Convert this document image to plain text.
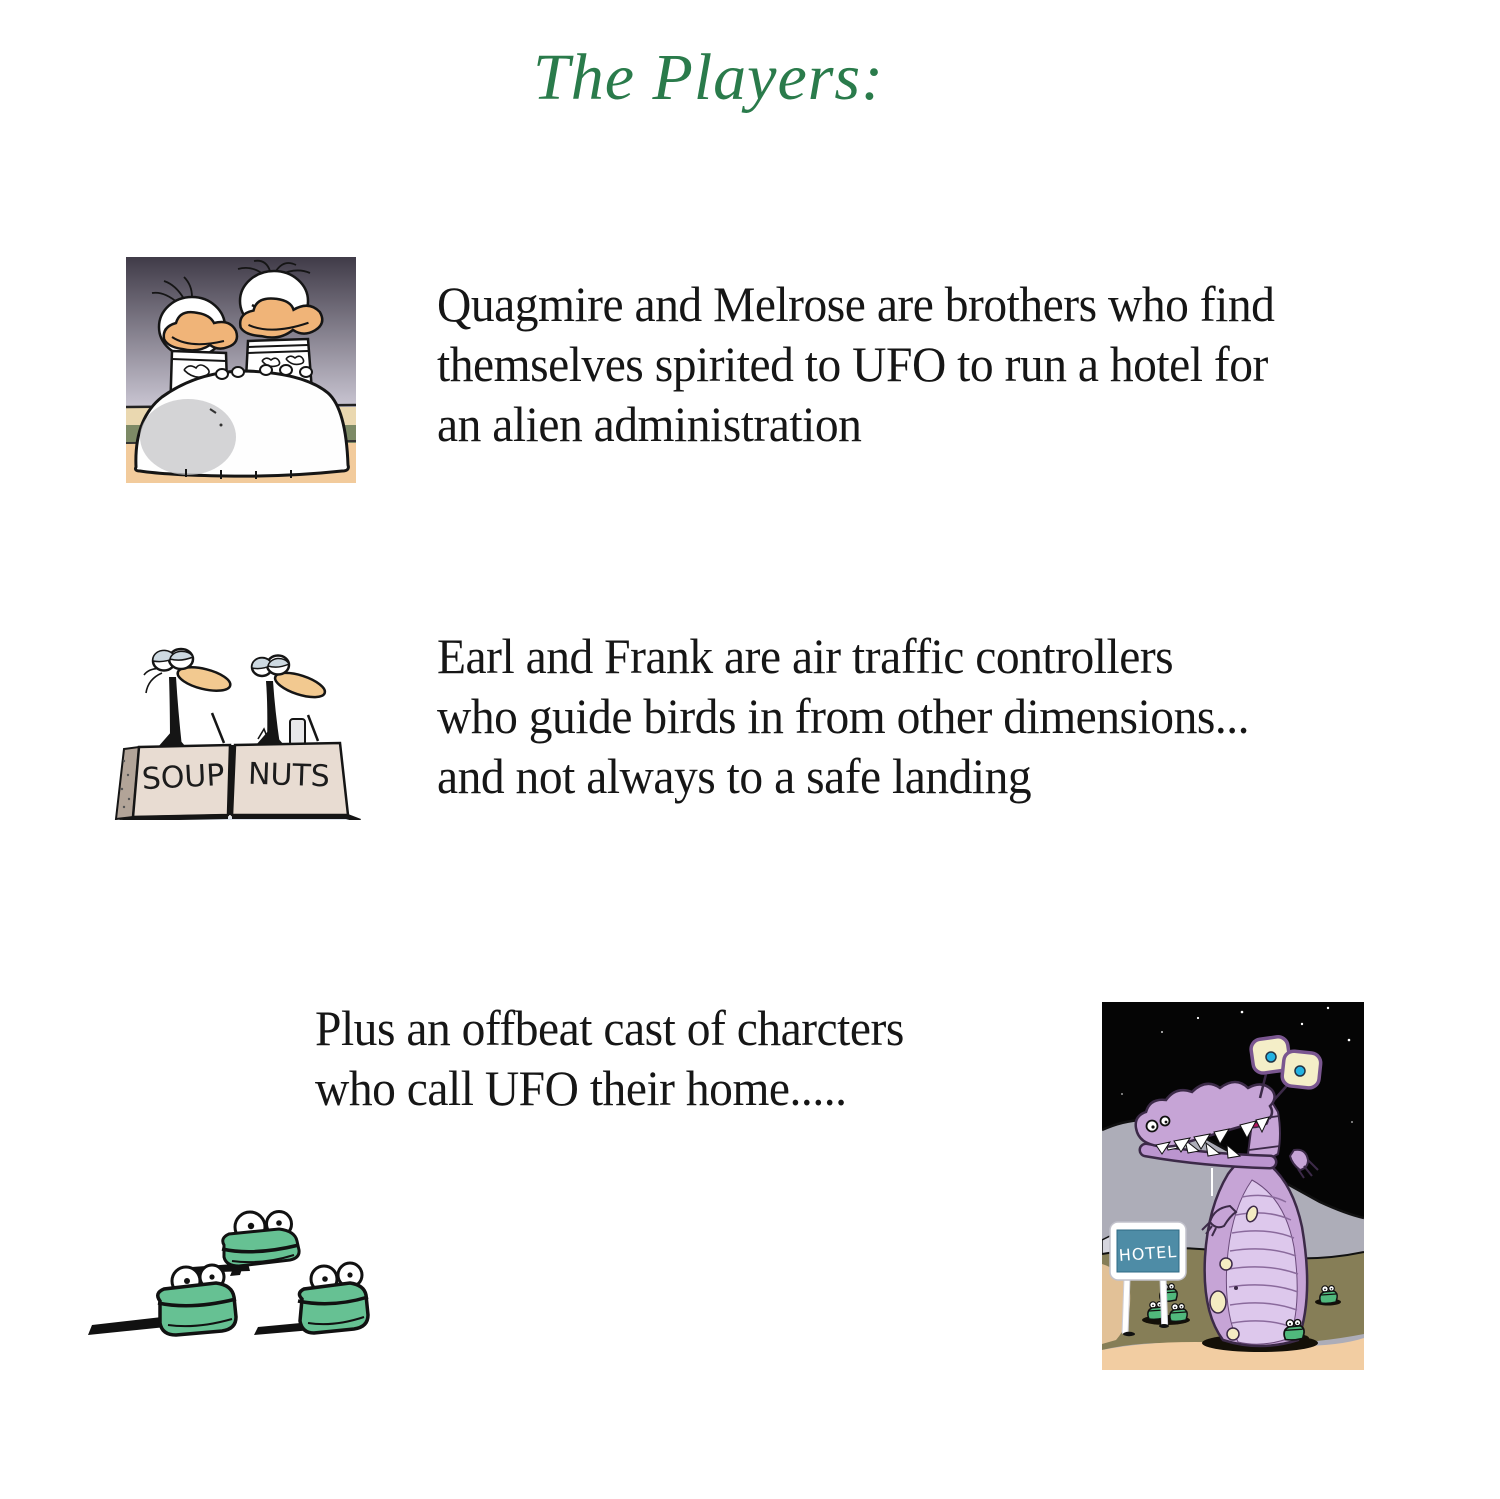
The Players:
Quagmire and Melrose are brothers who find
themselves spirited to UFO to run a hotel for
an alien administration
SOUP NUTS
Earl and Frank are air traffic controllers
who guide birds in from other dimensions...
and not always to a safe landing
Plus an offbeat cast of charcters
who call UFO their home.....
HOTEL
